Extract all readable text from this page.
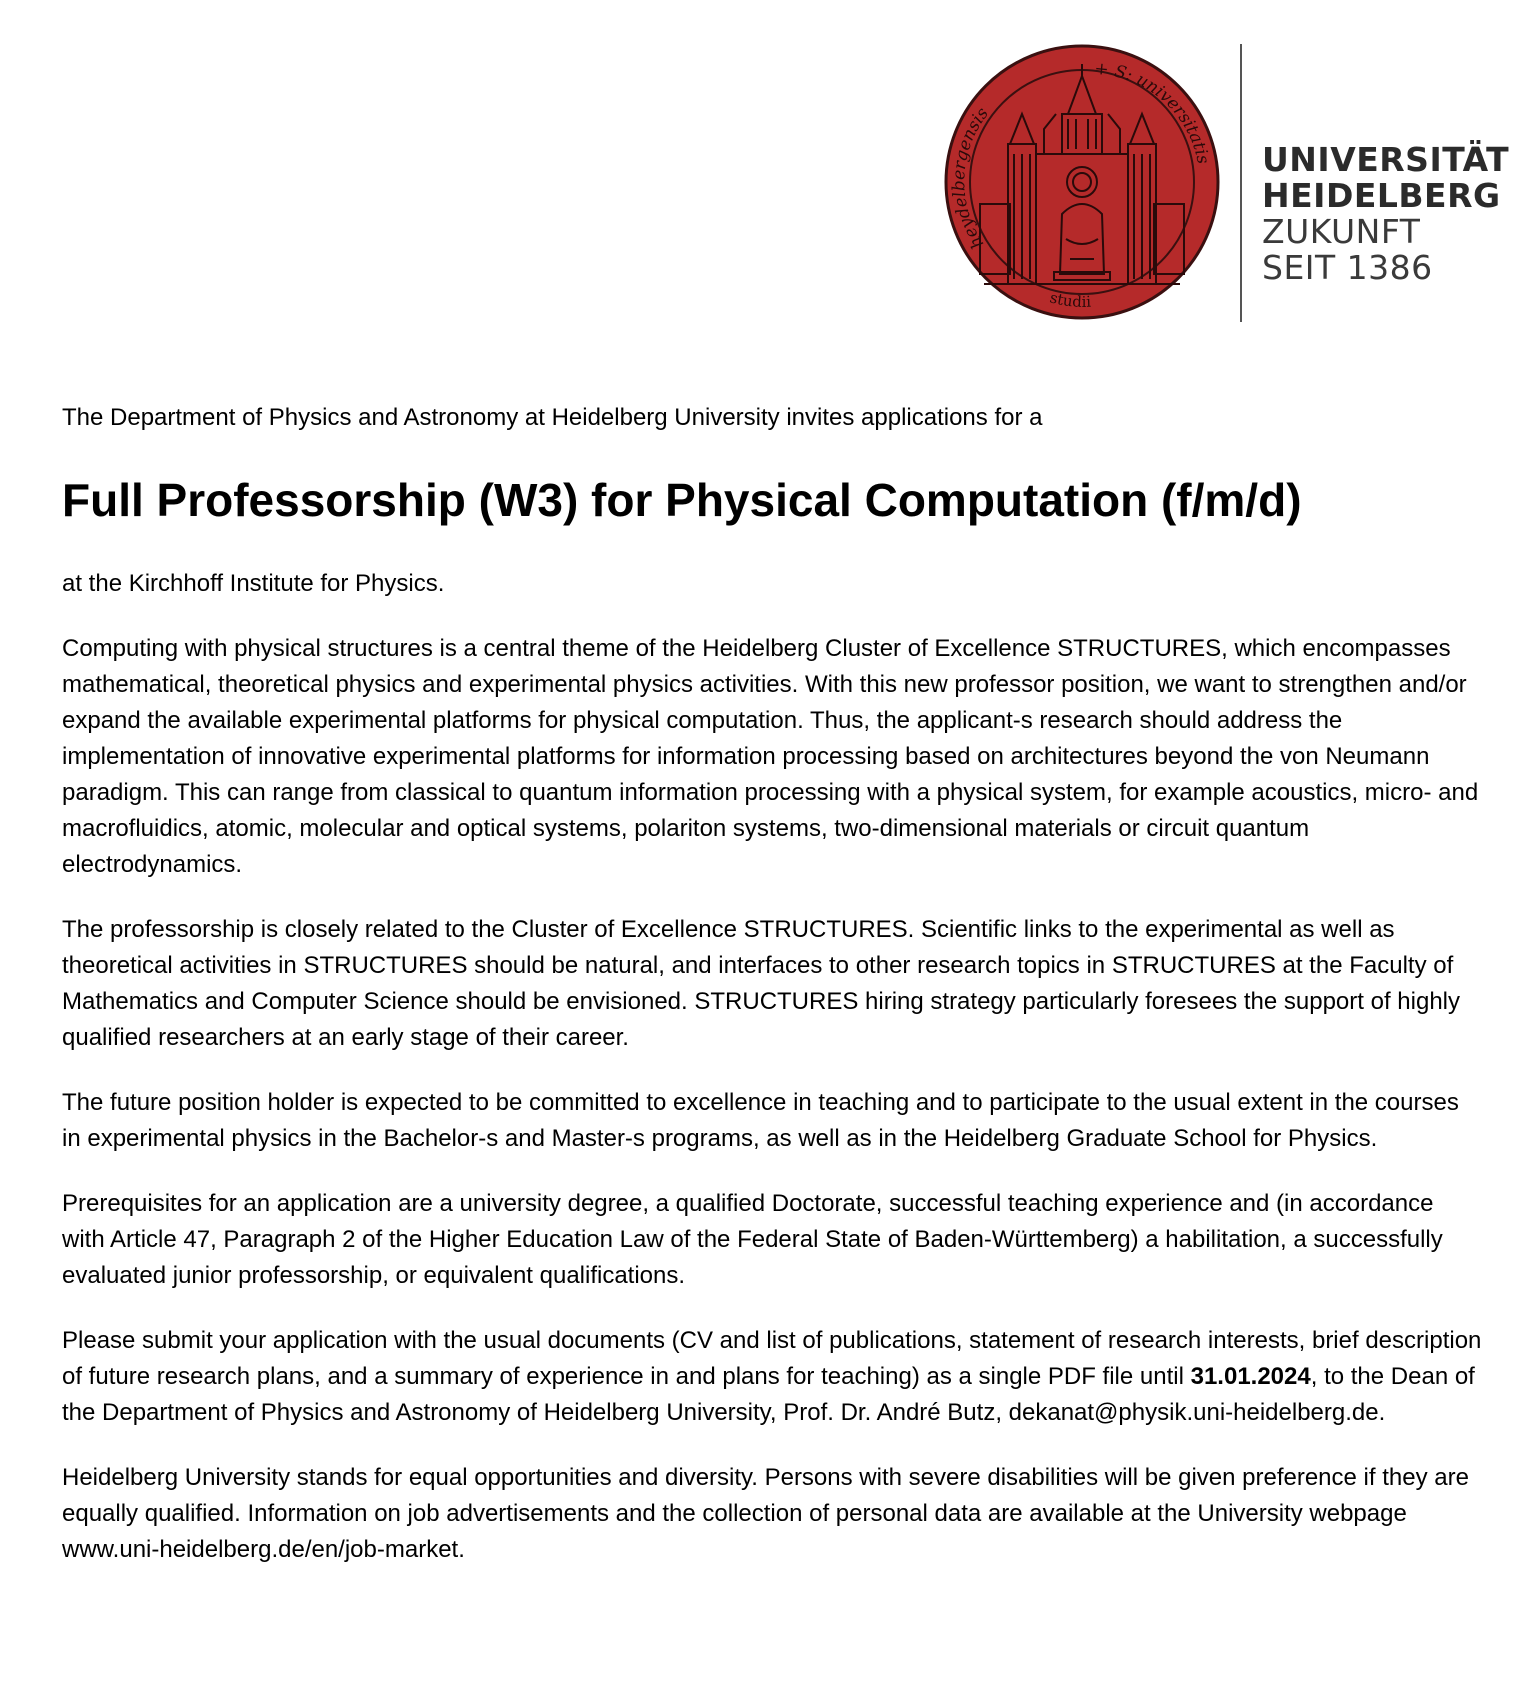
heydelbergensis
+ S: universitatis
studii
UNIVERSITÄT
HEIDELBERG
ZUKUNFT
SEIT 1386

The Department of Physics and Astronomy at Heidelberg University invites applications for a

Full Professorship (W3) for Physical Computation (f/m/d)

at the Kirchhoff Institute for Physics.

Computing with physical structures is a central theme of the Heidelberg Cluster of Excellence STRUCTURES, which encompasses mathematical, theoretical physics and experimental physics activities. With this new professor position, we want to strengthen and/or expand the available experimental platforms for physical computation. Thus, the applicant-s research should address the implementation of innovative experimental platforms for information processing based on architectures beyond the von Neumann paradigm. This can range from classical to quantum information processing with a physical system, for example acoustics, micro- and macrofluidics, atomic, molecular and optical systems, polariton systems, two-dimensional materials or circuit quantum electrodynamics.

The professorship is closely related to the Cluster of Excellence STRUCTURES. Scientific links to the experimental as well as theoretical activities in STRUCTURES should be natural, and interfaces to other research topics in STRUCTURES at the Faculty of Mathematics and Computer Science should be envisioned. STRUCTURES hiring strategy particularly foresees the support of highly qualified researchers at an early stage of their career.

The future position holder is expected to be committed to excellence in teaching and to participate to the usual extent in the courses in experimental physics in the Bachelor-s and Master-s programs, as well as in the Heidelberg Graduate School for Physics.

Prerequisites for an application are a university degree, a qualified Doctorate, successful teaching experience and (in accordance with Article 47, Paragraph 2 of the Higher Education Law of the Federal State of Baden-Württemberg) a habilitation, a successfully evaluated junior professorship, or equivalent qualifications.

Please submit your application with the usual documents (CV and list of publications, statement of research interests, brief description of future research plans, and a summary of experience in and plans for teaching) as a single PDF file until 31.01.2024, to the Dean of the Department of Physics and Astronomy of Heidelberg University, Prof. Dr. André Butz, dekanat@physik.uni-heidelberg.de.

Heidelberg University stands for equal opportunities and diversity. Persons with severe disabilities will be given preference if they are equally qualified. Information on job advertisements and the collection of personal data are available at the University webpage www.uni-heidelberg.de/en/job-market.
